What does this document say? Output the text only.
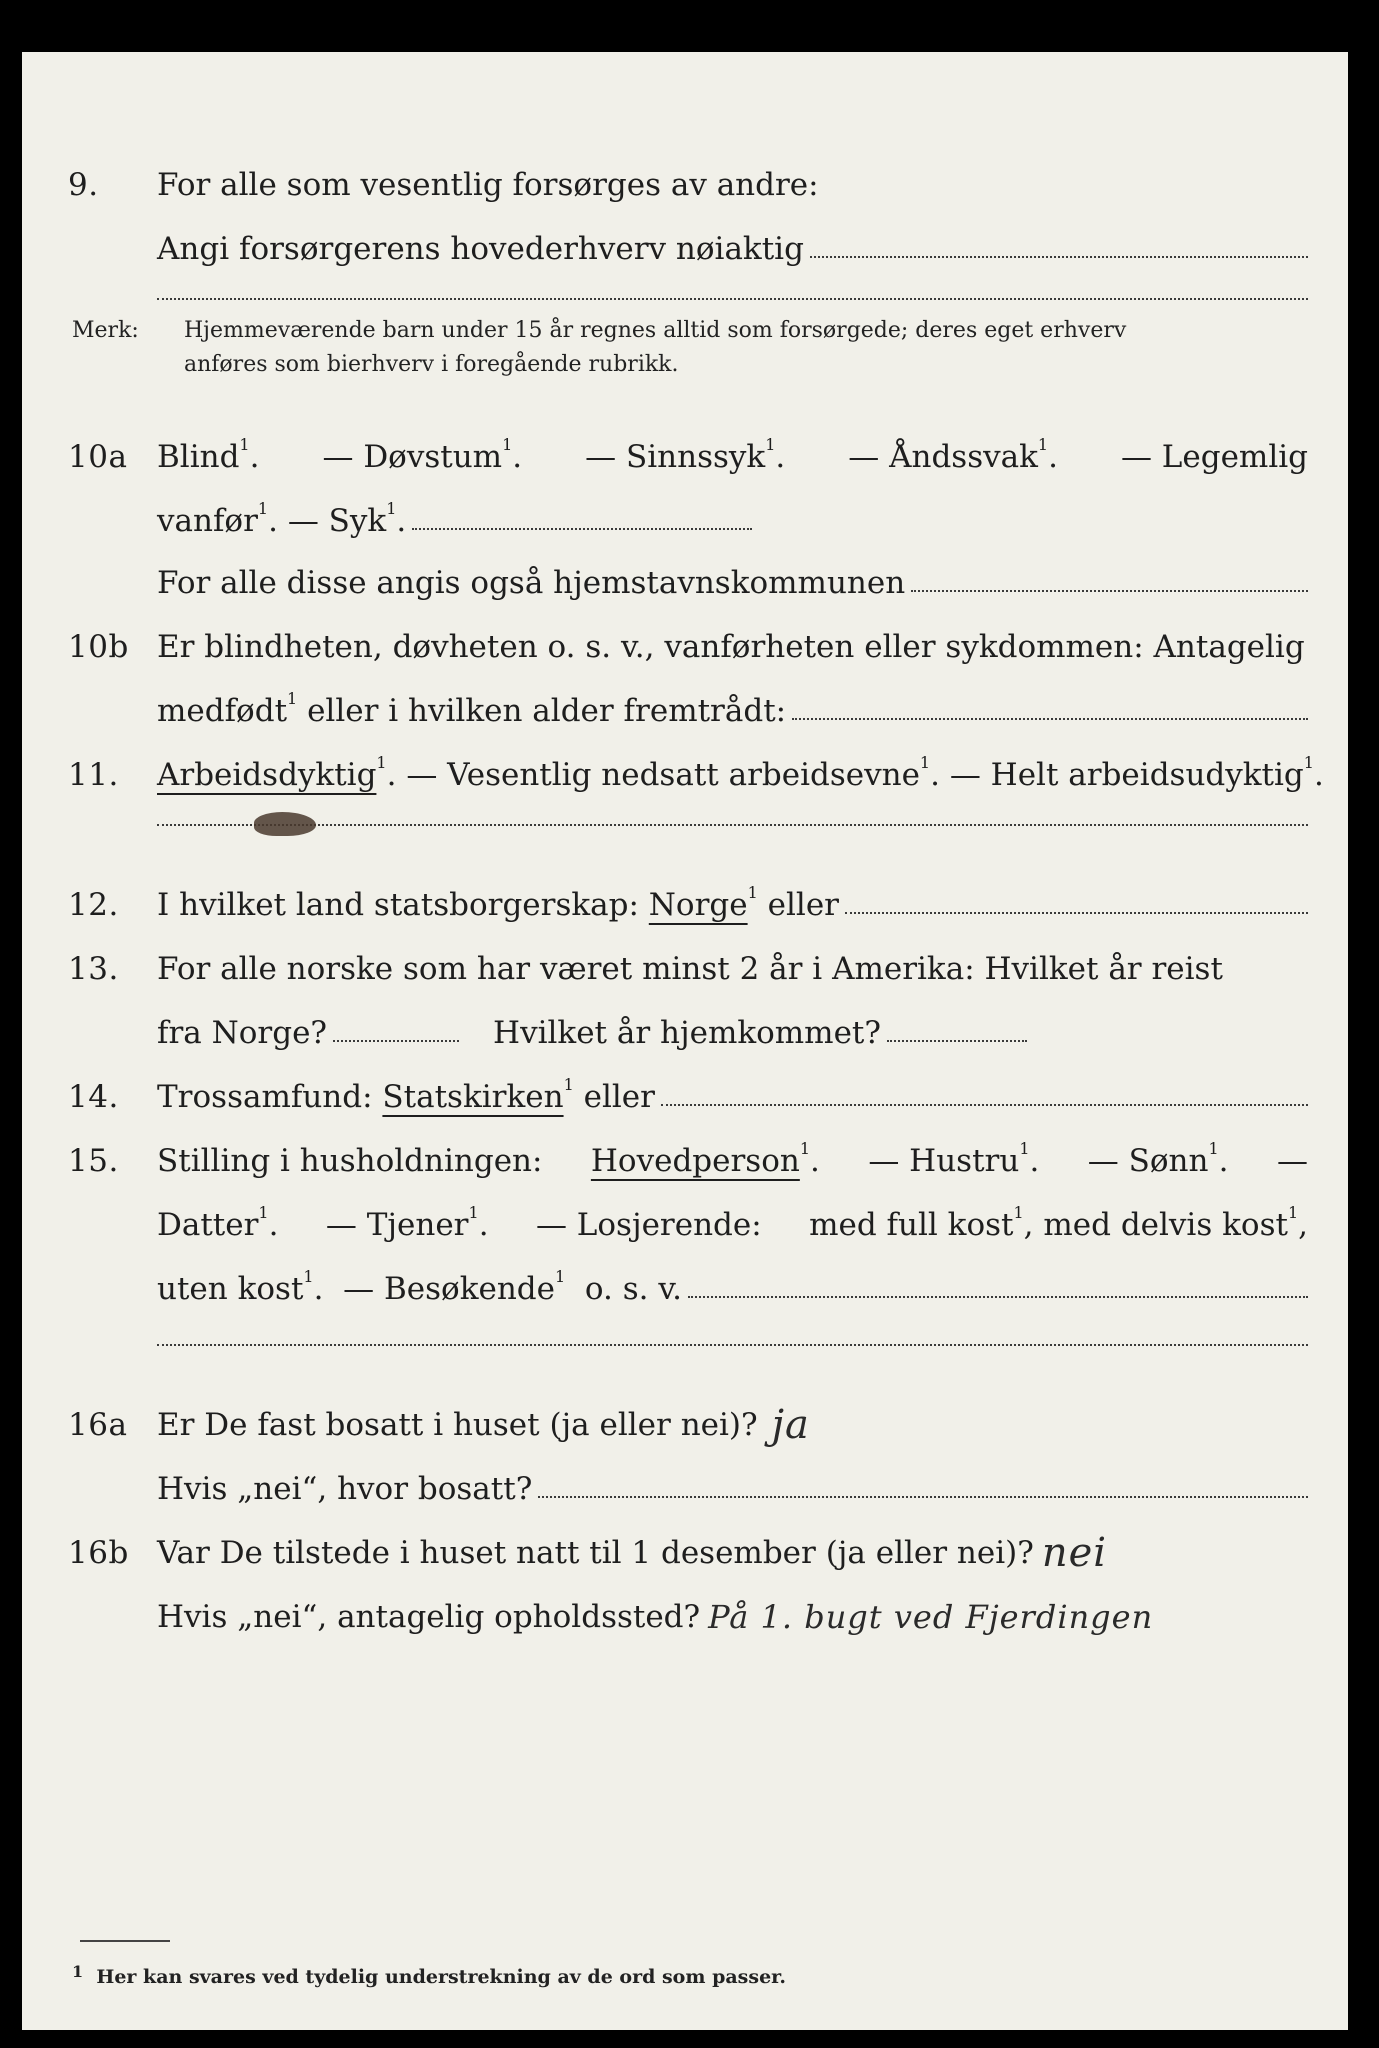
9. For alle som vesentlig forsørges av andre:
Angi forsørgerens hovederhverv nøiaktig
Merk: Hjemmeværende barn under 15 år regnes alltid som forsørgede; deres eget erhverv
anføres som bierhverv i foregående rubrikk.
10a Blind$^1$. — Døvstum$^1$. — Sinnssyk$^1$. — Åndssvak$^1$. — Legemlig
vanfør$^1$. — Syk$^1$.
For alle disse angis også hjemstavnskommunen
10b Er blindheten, døvheten o. s. v., vanførheten eller sykdommen: Antagelig
medfødt$^1$ eller i hvilken alder fremtrådt:
11. Arbeidsdyktig$^1$. — Vesentlig nedsatt arbeidsevne$^1$. — Helt arbeidsudyktig$^1$.
12. I hvilket land statsborgerskap: Norge$^1$ eller
13. For alle norske som har været minst 2 år i Amerika: Hvilket år reist
fra Norge?	Hvilket år hjemkommet?
14. Trossamfund: Statskirken$^1$ eller
15. Stilling i husholdningen: Hovedperson$^1$. — Hustru$^1$. — Sønn$^1$. —
Datter$^1$. — Tjener$^1$. — Losjerende: med full kost$^1$, med delvis kost$^1$,
uten kost$^1$.  — Besøkende$^1$ o. s. v.
16a Er De fast bosatt i huset (ja eller nei)? ja
Hvis „nei“, hvor bosatt?
16b Var De tilstede i huset natt til 1 desember (ja eller nei)? nei
Hvis „nei“, antagelig opholdssted? På 1. bugt ved Fjerdingen
$^1$ Her kan svares ved tydelig understrekning av de ord som passer.
